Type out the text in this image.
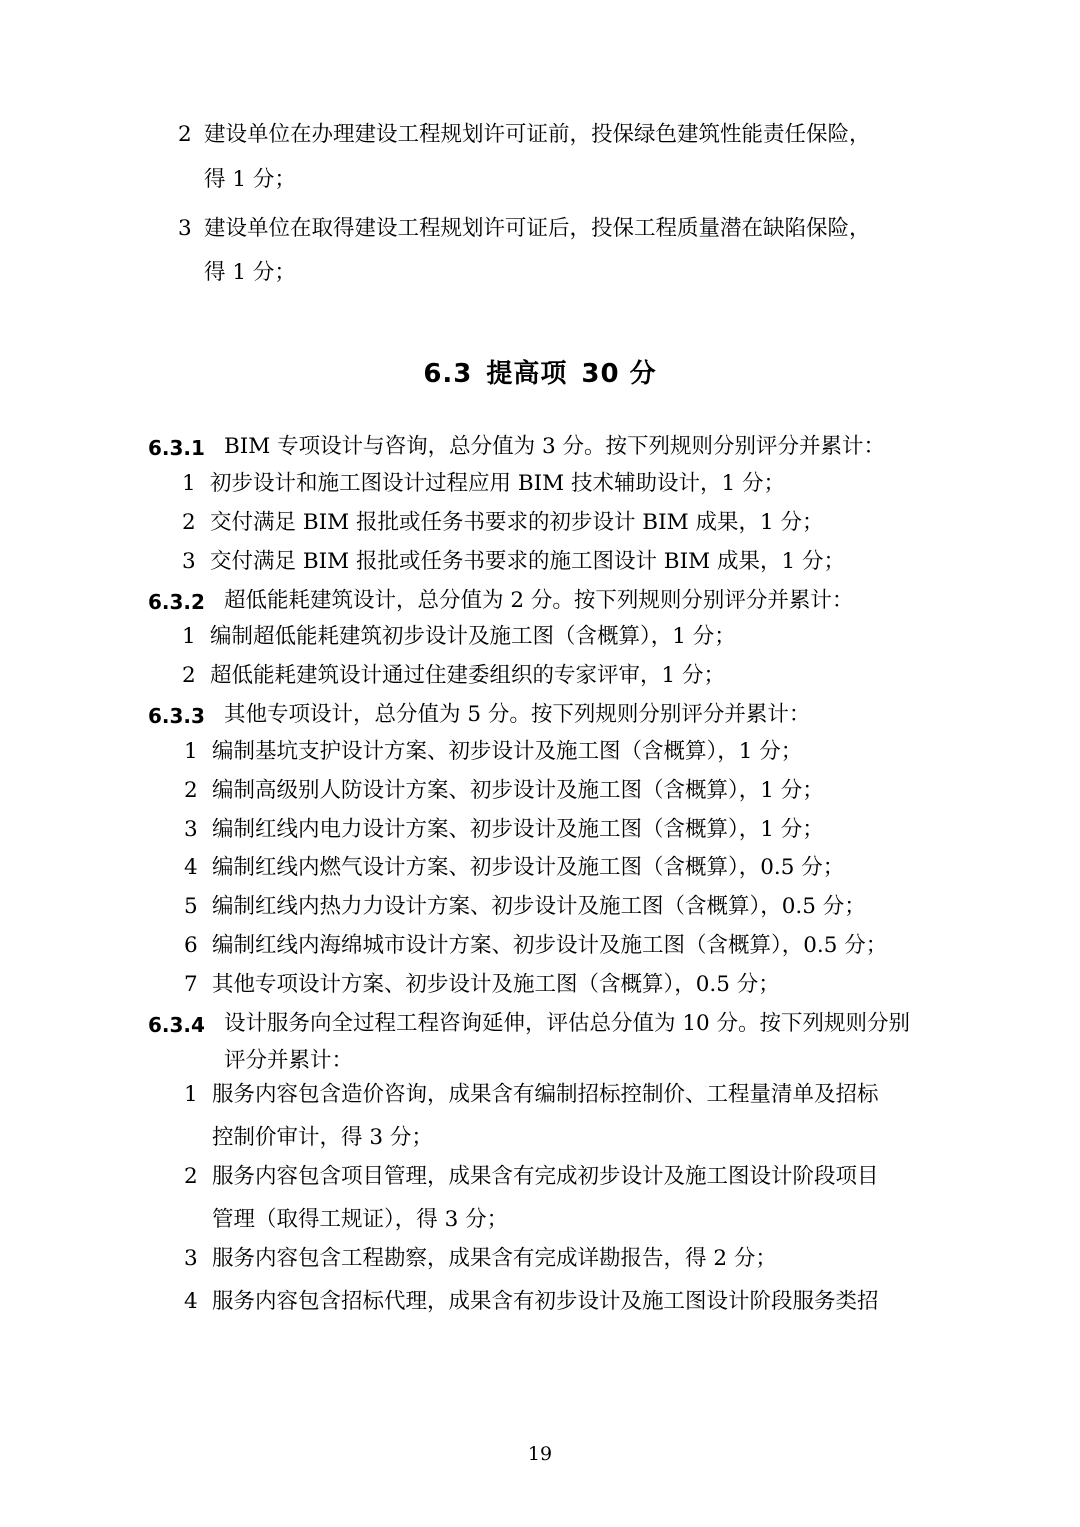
2 建设单位在办理建设工程规划许可证前，投保绿色建筑性能责任保险，
得 1 分；
3 建设单位在取得建设工程规划许可证后，投保工程质量潜在缺陷保险，
得 1 分；
6.3 提高项 30 分
6.3.1 BIM 专项设计与咨询，总分值为 3 分。按下列规则分别评分并累计：
1 初步设计和施工图设计过程应用 BIM 技术辅助设计，1 分；
2 交付满足 BIM 报批或任务书要求的初步设计 BIM 成果，1 分；
3 交付满足 BIM 报批或任务书要求的施工图设计 BIM 成果，1 分；
6.3.2 超低能耗建筑设计，总分值为 2 分。按下列规则分别评分并累计：
1 编制超低能耗建筑初步设计及施工图（含概算），1 分；
2 超低能耗建筑设计通过住建委组织的专家评审，1 分；
6.3.3 其他专项设计，总分值为 5 分。按下列规则分别评分并累计：
1 编制基坑支护设计方案、初步设计及施工图（含概算），1 分；
2 编制高级别人防设计方案、初步设计及施工图（含概算），1 分；
3 编制红线内电力设计方案、初步设计及施工图（含概算），1 分；
4 编制红线内燃气设计方案、初步设计及施工图（含概算），0.5 分；
5 编制红线内热力力设计方案、初步设计及施工图（含概算），0.5 分；
6 编制红线内海绵城市设计方案、初步设计及施工图（含概算），0.5 分；
7 其他专项设计方案、初步设计及施工图（含概算），0.5 分；
6.3.4 设计服务向全过程工程咨询延伸，评估总分值为 10 分。按下列规则分别
评分并累计：
1 服务内容包含造价咨询，成果含有编制招标控制价、工程量清单及招标
控制价审计，得 3 分；
2 服务内容包含项目管理，成果含有完成初步设计及施工图设计阶段项目
管理（取得工规证），得 3 分；
3 服务内容包含工程勘察，成果含有完成详勘报告，得 2 分；
4 服务内容包含招标代理，成果含有初步设计及施工图设计阶段服务类招
19
